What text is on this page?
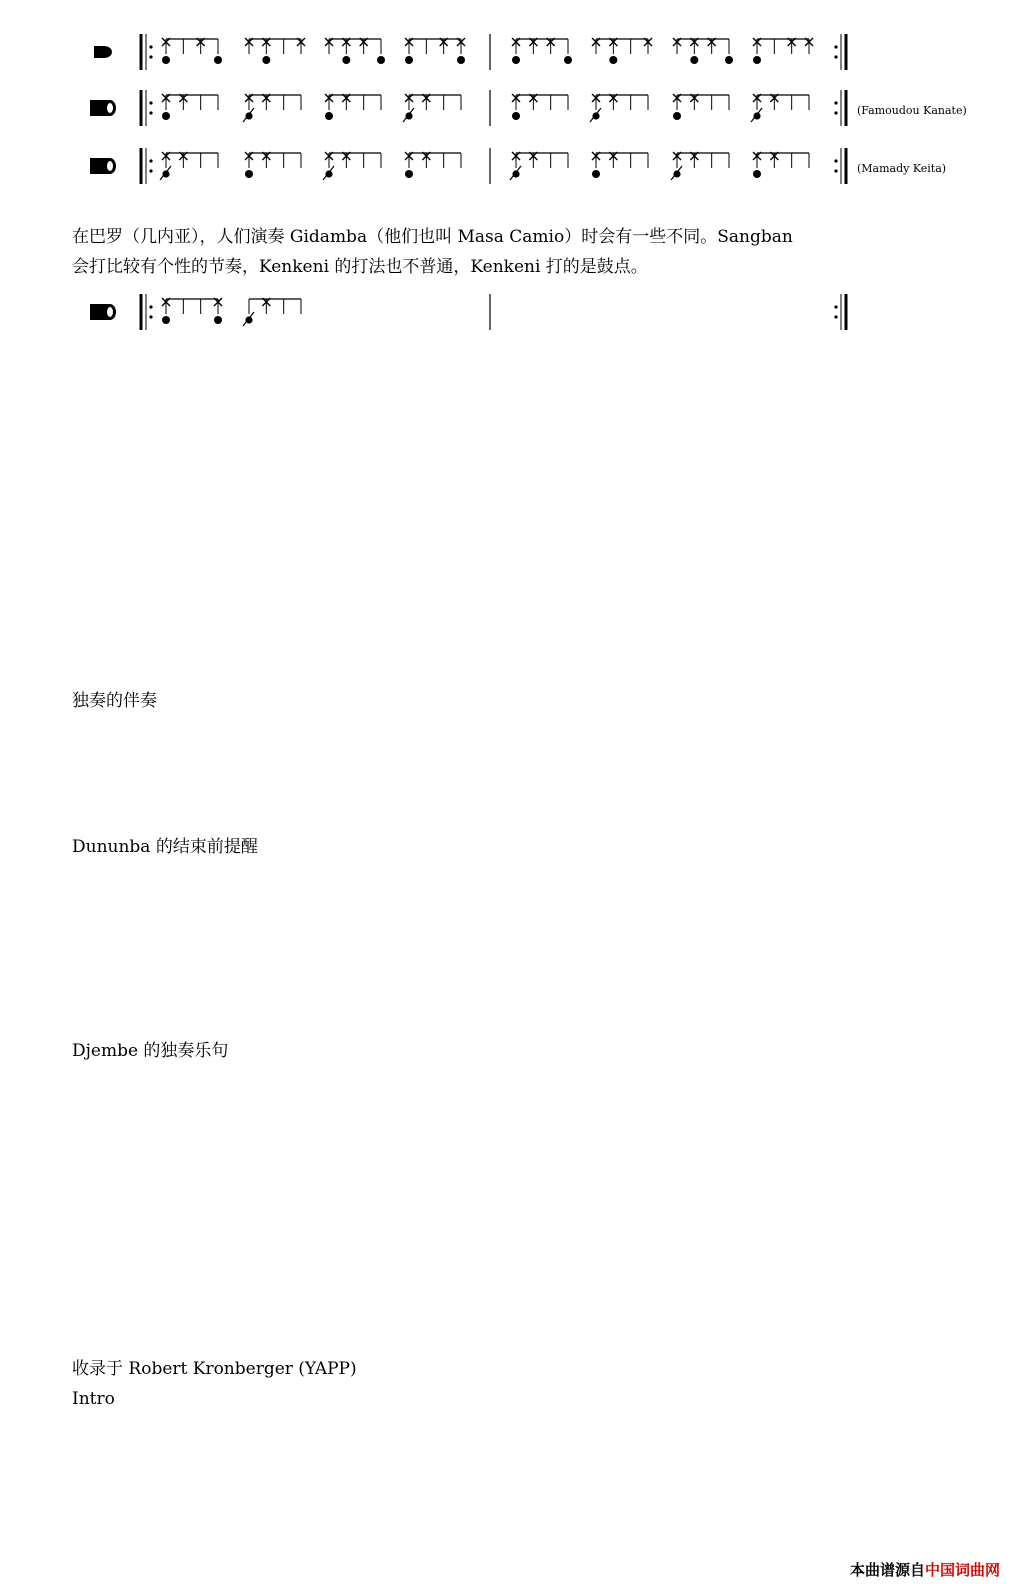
(Famoudou Kanate)
(Mamady Keita)
在巴罗（几内亚），人们演奏 Gidamba（他们也叫 Masa Camio）时会有一些不同。Sangban
会打比较有个性的节奏，Kenkeni 的打法也不普通，Kenkeni 打的是鼓点。
独奏的伴奏
Dununba 的结束前提醒
Djembe 的独奏乐句
收录于 Robert Kronberger (YAPP)
Intro
本曲谱源自中国词曲网
